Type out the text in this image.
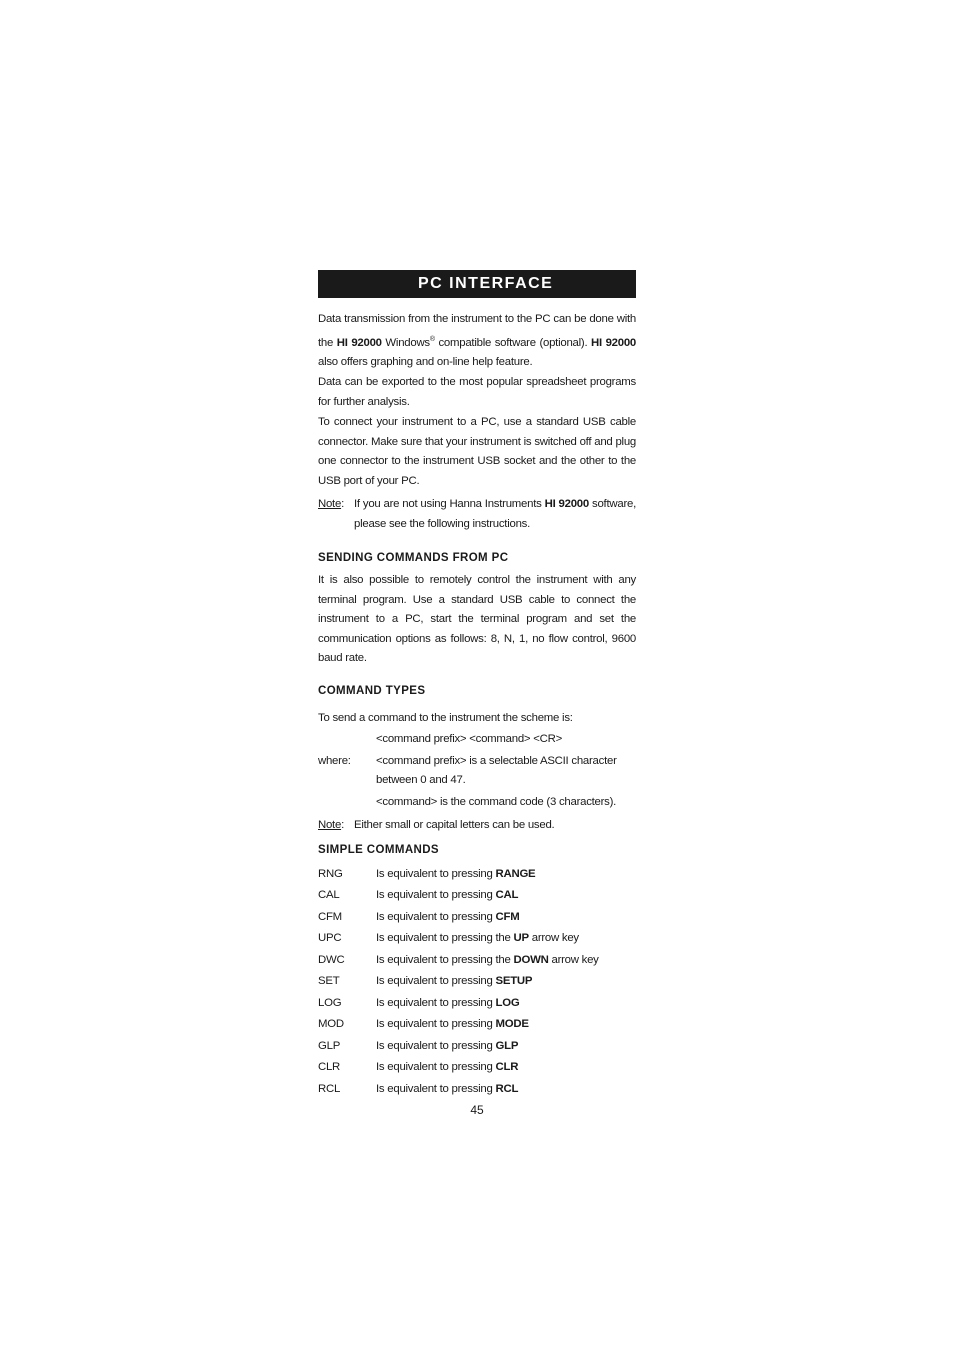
PC INTERFACE

Data transmission from the instrument to the PC can be done with the HI 92000 Windows® compatible software (optional). HI 92000 also offers graphing and on-line help feature.

Data can be exported to the most popular spreadsheet programs for further analysis.

To connect your instrument to a PC, use a standard USB cable connector. Make sure that your instrument is switched off and plug one connector to the instrument USB socket and the other to the USB port of your PC.

Note: If you are not using Hanna Instruments HI 92000 software, please see the following instructions.

SENDING COMMANDS FROM PC

It is also possible to remotely control the instrument with any terminal program. Use a standard USB cable to connect the instrument to a PC, start the terminal program and set the communication options as follows: 8, N, 1, no flow control, 9600 baud rate.

COMMAND TYPES

To send a command to the instrument the scheme is:
<command prefix> <command> <CR>
where:	<command prefix> is a selectable ASCII character between 0 and 47.
<command> is the command code (3 characters).
Note: Either small or capital letters can be used.

SIMPLE COMMANDS

RNG	Is equivalent to pressing RANGE
CAL	Is equivalent to pressing CAL
CFM	Is equivalent to pressing CFM
UPC	Is equivalent to pressing the UP arrow key
DWC	Is equivalent to pressing the DOWN arrow key
SET	Is equivalent to pressing SETUP
LOG	Is equivalent to pressing LOG
MOD	Is equivalent to pressing MODE
GLP	Is equivalent to pressing GLP
CLR	Is equivalent to pressing CLR
RCL	Is equivalent to pressing RCL
45
